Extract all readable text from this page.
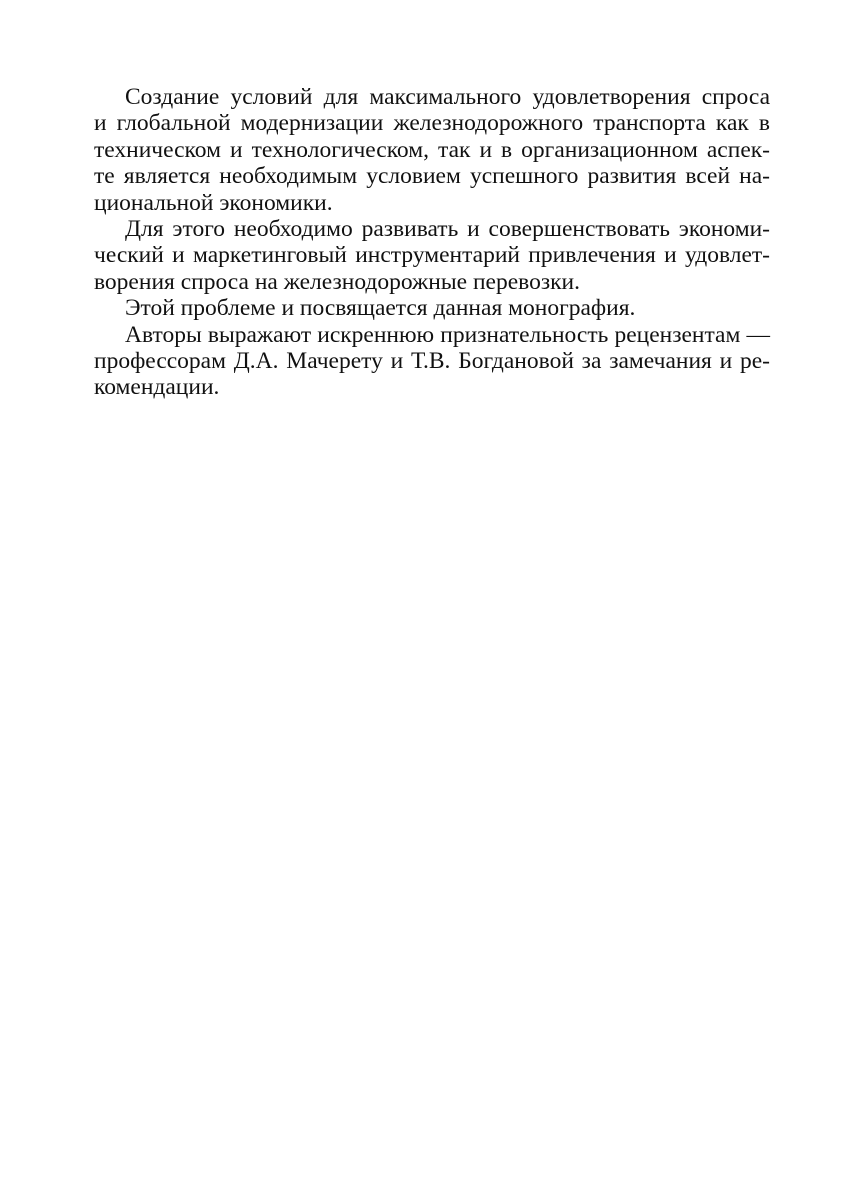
Создание условий для максимального удовлетворения спроса
и глобальной модернизации железнодорожного транспорта как в
техническом и технологическом, так и в организационном аспек-
те является необходимым условием успешного развития всей на-
циональной экономики.
Для этого необходимо развивать и совершенствовать экономи-
ческий и маркетинговый инструментарий привлечения и удовлет-
ворения спроса на железнодорожные перевозки.
Этой проблеме и посвящается данная монография.
Авторы выражают искреннюю признательность рецензентам —
профессорам Д.А. Мачерету и Т.В. Богдановой за замечания и ре-
комендации.
